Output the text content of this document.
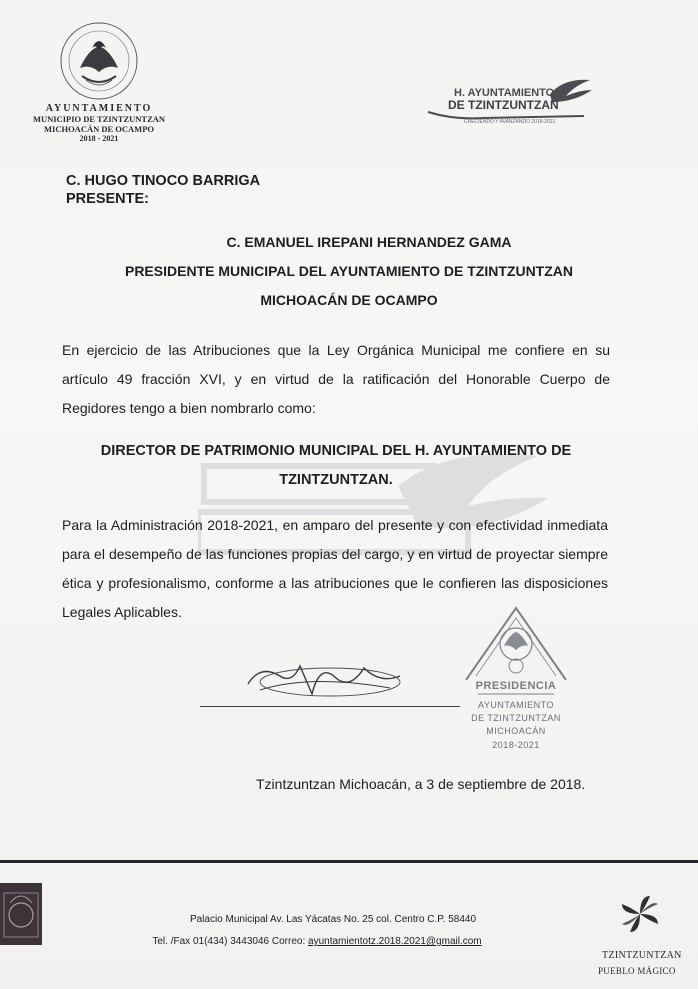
AYUNTAMIENTO
MUNICIPIO DE TZINTZUNTZAN
MICHOACÁN DE OCAMPO
2018 - 2021
H. AYUNTAMIENTO
DE TZINTZUNTZAN
CRECIENDO Y AVANZANDO 2018-2021
C. HUGO TINOCO BARRIGA
PRESENTE:
C. EMANUEL IREPANI HERNANDEZ GAMA
PRESIDENTE MUNICIPAL DEL AYUNTAMIENTO DE TZINTZUNTZAN
MICHOACÁN DE OCAMPO
En ejercicio de las Atribuciones que la Ley Orgánica Municipal me confiere en su artículo 49 fracción XVI, y en virtud de la ratificación del Honorable Cuerpo de Regidores tengo a bien nombrarlo como:
DIRECTOR DE PATRIMONIO MUNICIPAL DEL H. AYUNTAMIENTO DE
TZINTZUNTZAN.
Para la Administración 2018-2021, en amparo del presente y con efectividad inmediata para el desempeño de las funciones propias del cargo, y en virtud de proyectar siempre ética y profesionalismo, conforme a las atribuciones que le confieren las disposiciones Legales Aplicables.
PRESIDENCIA
AYUNTAMIENTO
DE TZINTZUNTZAN
MICHOACÁN
2018-2021
Tzintzuntzan Michoacán, a 3 de septiembre de 2018.
Palacio Municipal Av. Las Yácatas No. 25 col. Centro C.P. 58440
Tel. /Fax 01(434) 3443046 Correo: ayuntamientotz.2018.2021@gmail.com
TZINTZUNTZAN
PUEBLO MÁGICO
